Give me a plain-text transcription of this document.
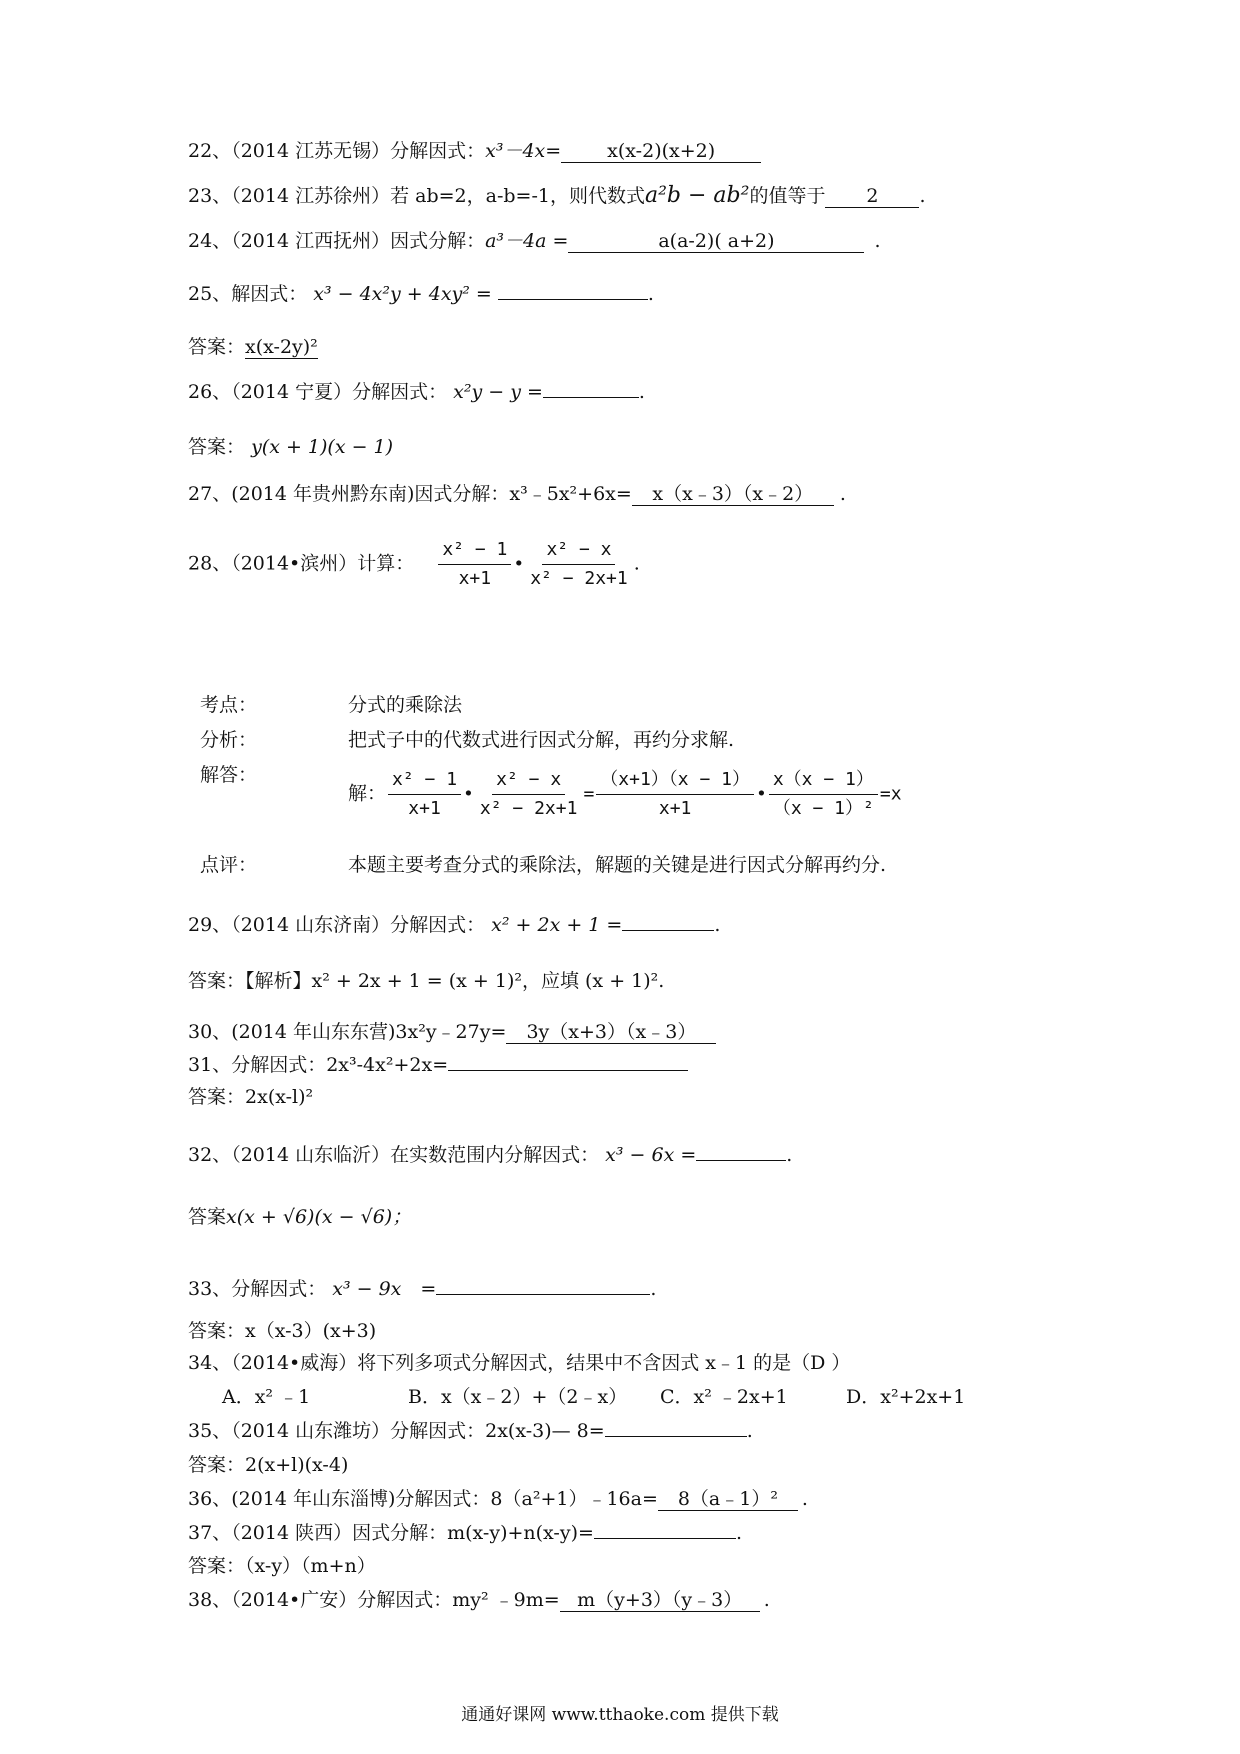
22、（2014 江苏无锡）分解因式：x³－4x= x(x-2)(x+2)
23、（2014 江苏徐州）若 ab=2，a-b=-1，则代数式a²b − ab²的值等于 2 .
24、（2014 江西抚州）因式分解：a³－4a =	a(a-2)( a+2)	.
25、解因式： x³ − 4x²y + 4xy² =	.
答案：x(x-2y)²
26、（2014 宁夏）分解因式： x²y − y =	.
答案： y(x + 1)(x − 1)
27、(2014 年贵州黔东南)因式分解：x³﹣5x²+6x= x（x﹣3）（x﹣2） .
28、（2014•滨州）计算： $\frac{\text{x² − 1}}{x+1}$ • $\frac{\text{x² − x}}{\text{x² − 2x+1}}$ .
考点：	分式的乘除法
分析：	把式子中的代数式进行因式分解，再约分求解.
解答：
解： $\frac{\text{x² − 1}}{x+1}$ • $\frac{\text{x² − x}}{\text{x² − 2x+1}} = \frac{(x+1)(x - 1)}{x+1}$ • $\frac{x(x - 1)}{\text{（x − 1）²}} =x$
点评：	本题主要考查分式的乘除法，解题的关键是进行因式分解再约分.
29、（2014 山东济南）分解因式： x² + 2x + 1 =	.
答案：【解析】x² + 2x + 1 = (x + 1)²，应填 (x + 1)².
30、(2014 年山东东营)3x²y﹣27y= 3y（x+3）（x﹣3）
31、分解因式：2x³-4x²+2x=
答案：2x(x-l)²
32、（2014 山东临沂）在实数范围内分解因式： x³ − 6x =	.
答案x(x + √6)(x − √6)；
33、分解因式： x³ − 9x　=	.
答案：x（x-3）(x+3)
34、（2014•威海）将下列多项式分解因式，结果中不含因式 x﹣1 的是（D ）
A．x² ﹣1	B．x（x﹣2）+（2﹣x） C．x² ﹣2x+1	D．x²+2x+1
35、（2014 山东潍坊）分解因式：2x(x-3)— 8=	.
答案：2(x+l)(x-4)
36、(2014 年山东淄博)分解因式：8（a²+1）﹣16a= 8（a﹣1）² .
37、（2014 陕西）因式分解：m(x-y)+n(x-y)=	.
答案：（x-y）（m+n）
38、（2014•广安）分解因式：my² ﹣9m= m（y+3）（y﹣3） .
通通好课网 www.tthaoke.com 提供下载
